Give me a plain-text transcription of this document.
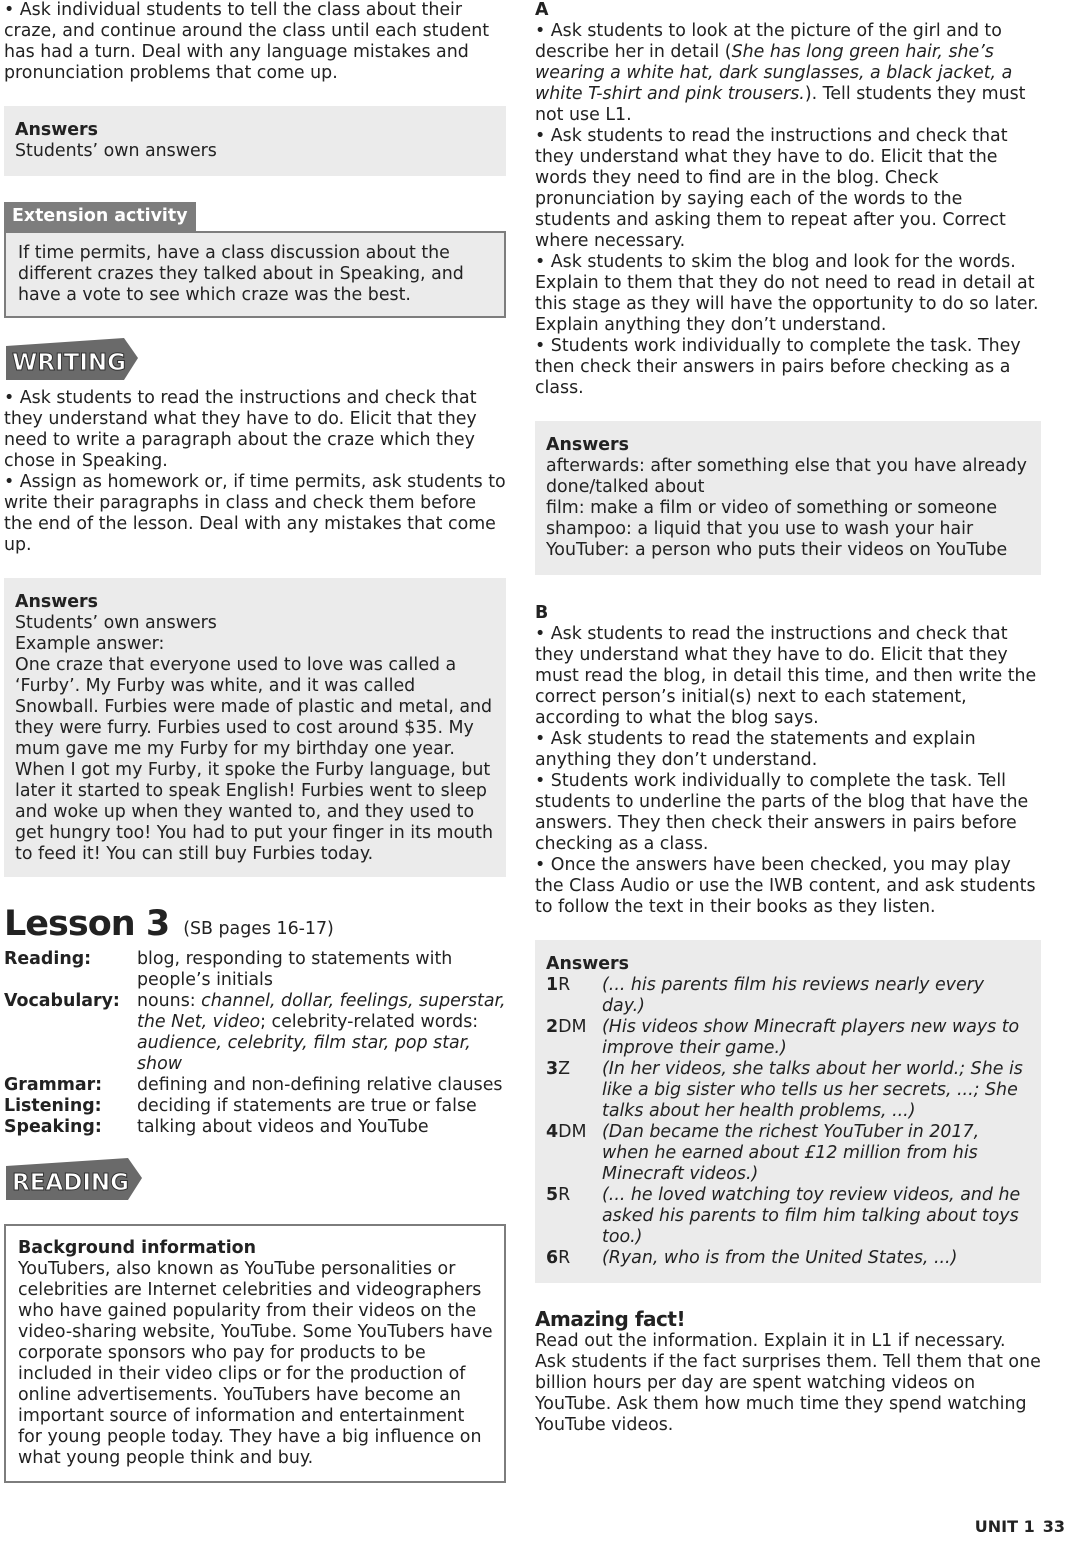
• Ask individual students to tell the class about their craze, and continue around the class until each student has had a turn. Deal with any language mistakes and pronunciation problems that come up.

Answers

Students’ own answers

Extension activity

If time permits, have a class discussion about the different crazes they talked about in Speaking, and have a vote to see which craze was the best.

WRITING

• Ask students to read the instructions and check that they understand what they have to do. Elicit that they need to write a paragraph about the craze which they chose in Speaking.

• Assign as homework or, if time permits, ask students to write their paragraphs in class and check them before the end of the lesson. Deal with any mistakes that come up.

Answers

Students’ own answers

Example answer:

One craze that everyone used to love was called a ‘Furby’. My Furby was white, and it was called Snowball. Furbies were made of plastic and metal, and they were furry. Furbies used to cost around $35. My mum gave me my Furby for my birthday one year. When I got my Furby, it spoke the Furby language, but later it started to speak English! Furbies went to sleep and woke up when they wanted to, and they used to get hungry too! You had to put your finger in its mouth to feed it! You can still buy Furbies today.

Lesson 3 (SB pages 16-17)
Reading:	blog, responding to statements with people’s initials
Vocabulary: nouns: channel, dollar, feelings, superstar, the Net, video; celebrity-related words: audience, celebrity, film star, pop star, show
Grammar:	defining and non-defining relative clauses
Listening:	deciding if statements are true or false
Speaking:	talking about videos and YouTube
READING

Background information

YouTubers, also known as YouTube personalities or celebrities are Internet celebrities and videographers who have gained popularity from their videos on the video-sharing website, YouTube. Some YouTubers have corporate sponsors who pay for products to be included in their video clips or for the production of online advertisements. YouTubers have become an important source of information and entertainment for young people today. They have a big influence on what young people think and buy.

A

• Ask students to look at the picture of the girl and to describe her in detail (She has long green hair, she’s wearing a white hat, dark sunglasses, a black jacket, a white T-shirt and pink trousers.). Tell students they must not use L1.

• Ask students to read the instructions and check that they understand what they have to do. Elicit that the words they need to find are in the blog. Check pronunciation by saying each of the words to the students and asking them to repeat after you. Correct where necessary.

• Ask students to skim the blog and look for the words. Explain to them that they do not need to read in detail at this stage as they will have the opportunity to do so later. Explain anything they don’t understand.

• Students work individually to complete the task. They then check their answers in pairs before checking as a class.

Answers

afterwards: after something else that you have already done/talked about

film: make a film or video of something or someone

shampoo: a liquid that you use to wash your hair

YouTuber: a person who puts their videos on YouTube

B

• Ask students to read the instructions and check that they understand what they have to do. Elicit that they must read the blog, in detail this time, and then write the correct person’s initial(s) next to each statement, according to what the blog says.

• Ask students to read the statements and explain anything they don’t understand.

• Students work individually to complete the task. Tell students to underline the parts of the blog that have the answers. They then check their answers in pairs before checking as a class.

• Once the answers have been checked, you may play the Class Audio or use the IWB content, and ask students to follow the text in their books as they listen.

Answers

1R	(... his parents film his reviews nearly every day.)
2DM (His videos show Minecraft players new ways to improve their game.)
3Z	(In her videos, she talks about her world.; She is like a big sister who tells us her secrets, ...; She talks about her health problems, ...)
4DM (Dan became the richest YouTuber in 2017, when he earned about £12 million from his Minecraft videos.)
5R	(... he loved watching toy review videos, and he asked his parents to film him talking about toys too.)
6R	(Ryan, who is from the United States, ...)

Amazing fact!

Read out the information. Explain it in L1 if necessary. Ask students if the fact surprises them. Tell them that one billion hours per day are spent watching videos on YouTube. Ask them how much time they spend watching YouTube videos.

UNIT 1 33
